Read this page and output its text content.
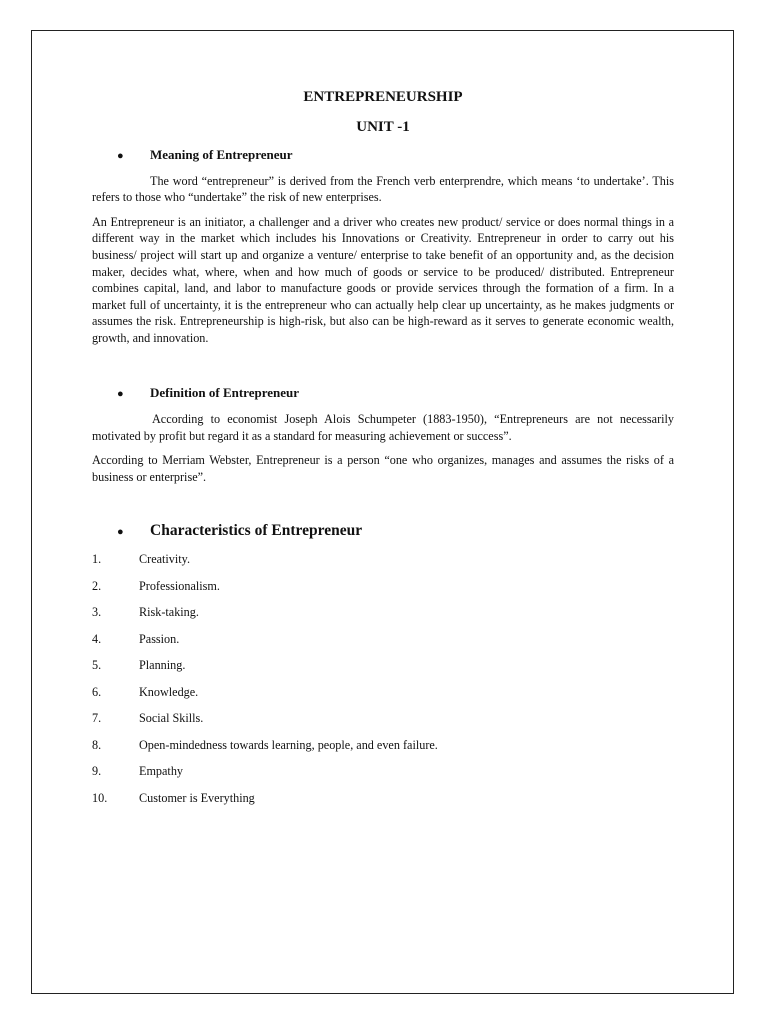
ENTREPRENEURSHIP

UNIT -1

●	Meaning of Entrepreneur

The word “entrepreneur” is derived from the French verb enterprendre, which means ‘to undertake’. This refers to those who “undertake” the risk of new enterprises.

An Entrepreneur is an initiator, a challenger and a driver who creates new product/ service or does normal things in a different way in the market which includes his Innovations or Creativity. Entrepreneur in order to carry out his business/ project will start up and organize a venture/ enterprise to take benefit of an opportunity and, as the decision maker, decides what, where, when and how much of goods or service to be produced/ distributed. Entrepreneur combines capital, land, and labor to manufacture goods or provide services through the formation of a firm. In a market full of uncertainty, it is the entrepreneur who can actually help clear up uncertainty, as he makes judgments or assumes the risk. Entrepreneurship is high-risk, but also can be high-reward as it serves to generate economic wealth, growth, and innovation.

●	Definition of Entrepreneur

According to economist Joseph Alois Schumpeter (1883-1950), “Entrepreneurs are not necessarily motivated by profit but regard it as a standard for measuring achievement or success”.

According to Merriam Webster, Entrepreneur is a person “one who organizes, manages and assumes the risks of a business or enterprise”.

●	Characteristics of Entrepreneur
1.	Creativity.
2.	Professionalism.
3.	Risk-taking.
4.	Passion.
5.	Planning.
6.	Knowledge.
7.	Social Skills.
8.	Open-mindedness towards learning, people, and even failure.
9.	Empathy
10.	Customer is Everything
